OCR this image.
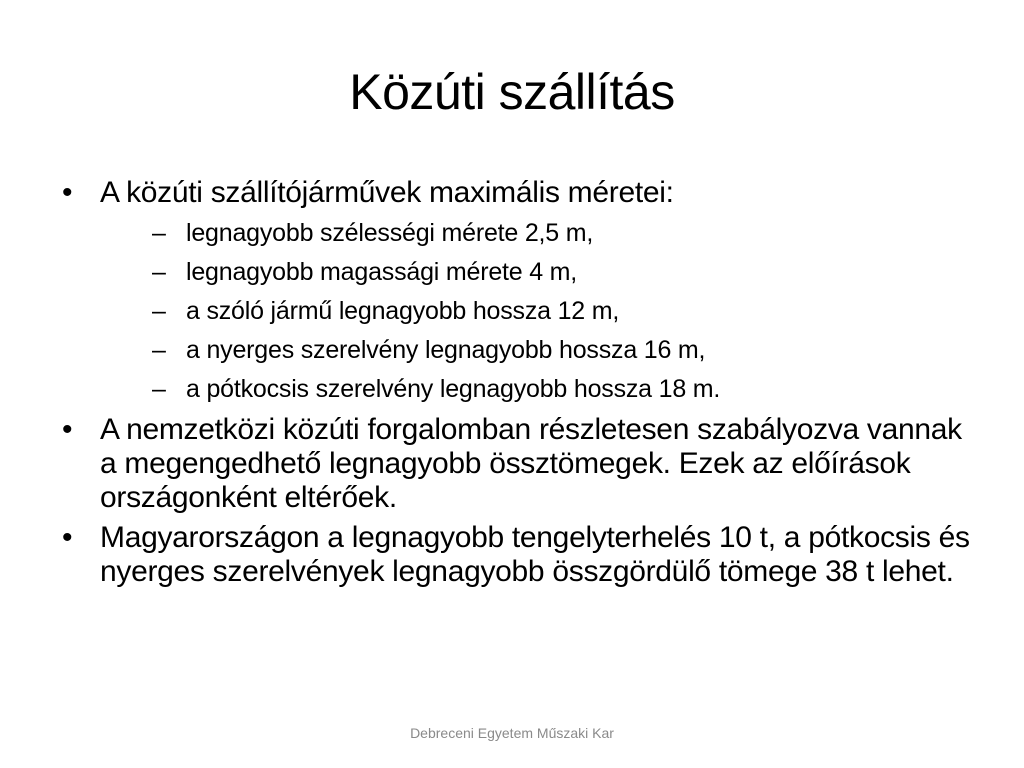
Közúti szállítás
• A közúti szállítójárművek maximális méretei:
– legnagyobb szélességi mérete 2,5 m,
– legnagyobb magassági mérete 4 m,
– a szóló jármű legnagyobb hossza 12 m,
– a nyerges szerelvény legnagyobb hossza 16 m,
– a pótkocsis szerelvény legnagyobb hossza 18 m.
• A nemzetközi közúti forgalomban részletesen szabályozva vannak a megengedhető legnagyobb össztömegek. Ezek az előírások országonként eltérőek.
• Magyarországon a legnagyobb tengelyterhelés 10 t, a pótkocsis és nyerges szerelvények legnagyobb összgördülő tömege 38 t lehet.
Debreceni Egyetem Műszaki Kar
